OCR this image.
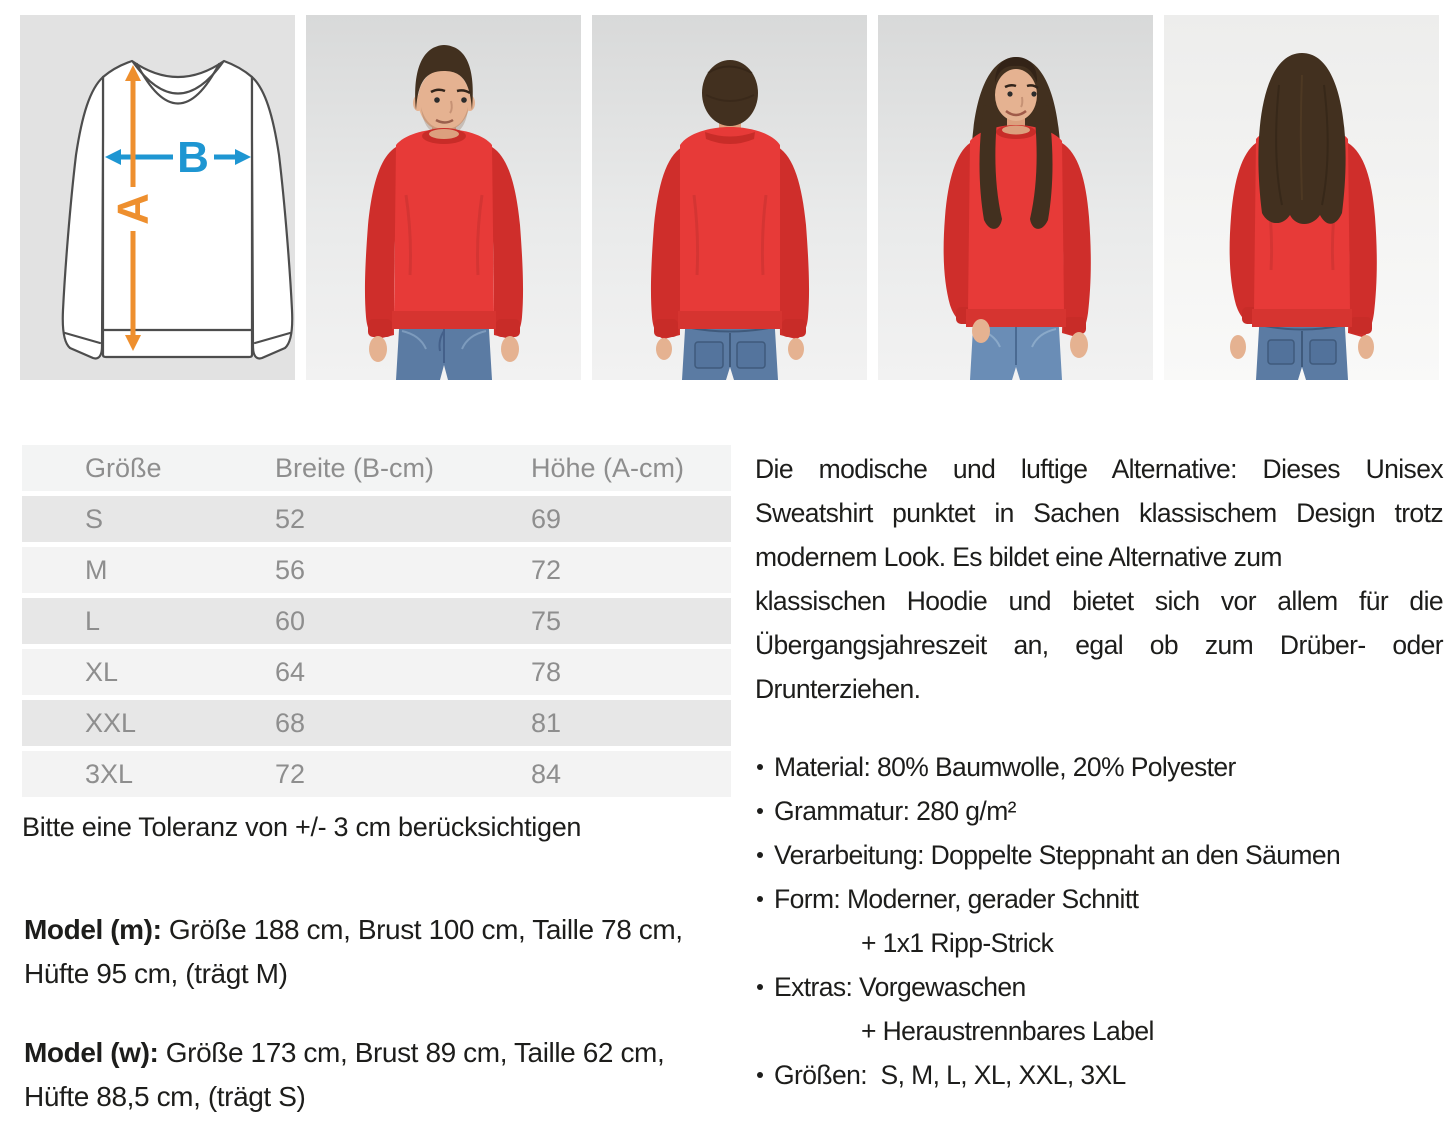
B
A
Größe	Breite (B-cm)	Höhe (A-cm)
S	52	69
M	56	72
L	60	75
XL	64	78
XXL	68	81
3XL	72	84
Bitte eine Toleranz von +/- 3 cm berücksichtigen
Model (m): Größe 188 cm, Brust 100 cm, Taille 78 cm, Hüfte 95 cm, (trägt M)
Model (w): Größe 173 cm, Brust 89 cm, Taille 62 cm, Hüfte 88,5 cm, (trägt S)
Die modische und luftige Alternative: Dieses Unisex
Sweatshirt punktet in Sachen klassischem Design trotz
modernem Look. Es bildet eine Alternative zum
klassischen Hoodie und bietet sich vor allem für die
Übergangsjahreszeit an, egal ob zum Drüber- oder
Drunterziehen.
Material: 80% Baumwolle, 20% Polyester
Grammatur: 280 g/m²
Verarbeitung: Doppelte Steppnaht an den Säumen
Form: Moderner, gerader Schnitt
+ 1x1 Ripp-Strick
Extras: Vorgewaschen
+ Heraustrennbares Label
Größen:  S, M, L, XL, XXL, 3XL
